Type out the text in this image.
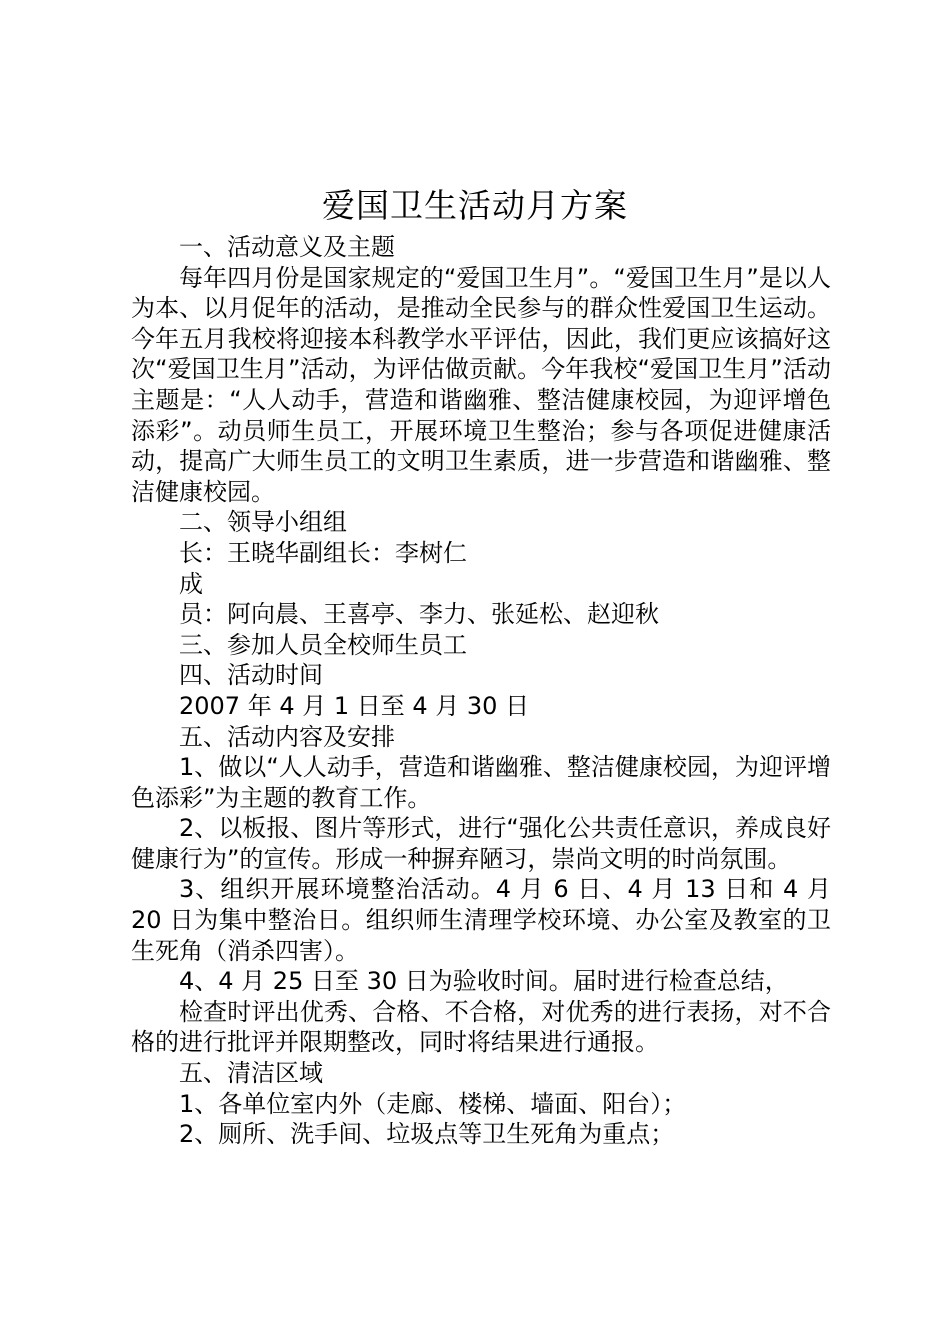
爱国卫生活动月方案

一、活动意义及主题

每年四月份是国家规定的“爱国卫生月”。“爱国卫生月”是以人为本、以月促年的活动，是推动全民参与的群众性爱国卫生运动。今年五月我校将迎接本科教学水平评估，因此，我们更应该搞好这次“爱国卫生月”活动，为评估做贡献。今年我校“爱国卫生月”活动主题是：“人人动手，营造和谐幽雅、整洁健康校园，为迎评增色添彩”。动员师生员工，开展环境卫生整治；参与各项促进健康活动，提高广大师生员工的文明卫生素质，进一步营造和谐幽雅、整洁健康校园。

二、领导小组组

长：王晓华副组长：李树仁

成

员：阿向晨、王喜亭、李力、张延松、赵迎秋

三、参加人员全校师生员工

四、活动时间

2007 年 4 月 1 日至 4 月 30 日

五、活动内容及安排

1、做以“人人动手，营造和谐幽雅、整洁健康校园，为迎评增色添彩”为主题的教育工作。

2、以板报、图片等形式，进行“强化公共责任意识，养成良好健康行为”的宣传。形成一种摒弃陋习，崇尚文明的时尚氛围。

3、组织开展环境整治活动。4 月 6 日、4 月 13 日和 4 月 20 日为集中整治日。组织师生清理学校环境、办公室及教室的卫生死角（消杀四害）。

4、4 月 25 日至 30 日为验收时间。届时进行检查总结，

检查时评出优秀、合格、不合格，对优秀的进行表扬，对不合格的进行批评并限期整改，同时将结果进行通报。

五、清洁区域

1、各单位室内外（走廊、楼梯、墙面、阳台）；

2、厕所、洗手间、垃圾点等卫生死角为重点；
